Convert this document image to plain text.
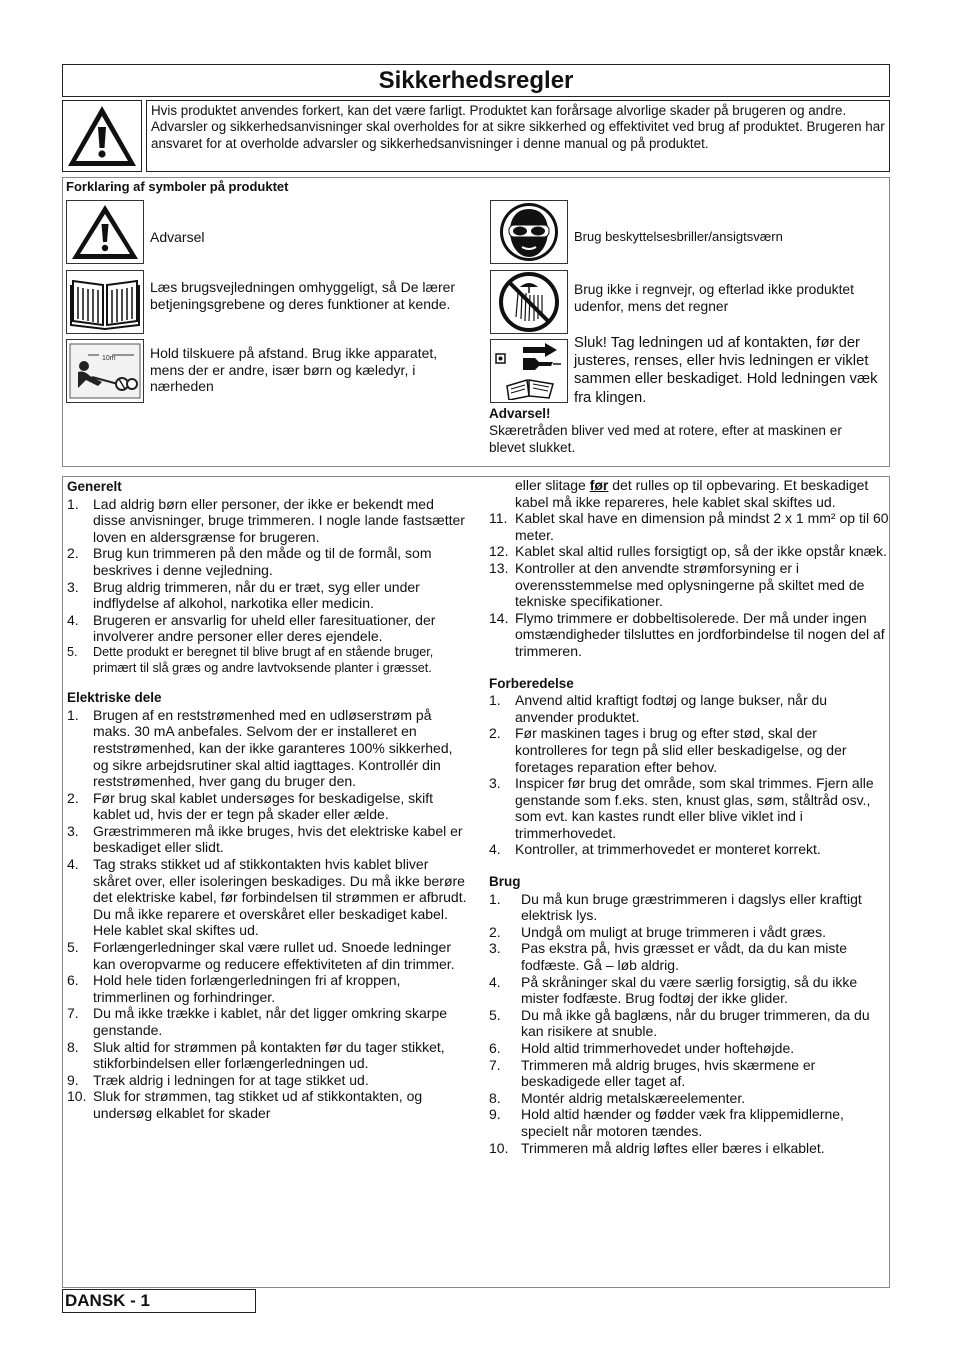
Sikkerhedsregler
Hvis produktet anvendes forkert, kan det være farligt. Produktet kan forårsage alvorlige skader på brugeren og andre. Advarsler og sikkerhedsanvisninger skal overholdes for at sikre sikkerhed og effektivitet ved brug af produktet. Brugeren har ansvaret for at overholde advarsler og sikkerhedsanvisninger i denne manual og på produktet.
Forklaring af symboler på produktet
Advarsel
Læs brugsvejledningen omhyggeligt, så De lærer betjeningsgrebene og deres funktioner at kende.
10m Hold tilskuere på afstand. Brug ikke apparatet, mens der er andre, især børn og kæledyr, i nærheden
Brug beskyttelsesbriller/ansigtsværn
Brug ikke i regnvejr, og efterlad ikke produktet udenfor, mens det regner
Sluk! Tag ledningen ud af kontakten, før der justeres, renses, eller hvis ledningen er viklet sammen eller beskadiget. Hold ledningen væk fra klingen.
Advarsel!
Skæretråden bliver ved med at rotere, efter at maskinen er blevet slukket.
Generelt
1.	Lad aldrig børn eller personer, der ikke er bekendt med disse anvisninger, bruge trimmeren. I nogle lande fastsætter loven en aldersgrænse for brugeren.
2.	Brug kun trimmeren på den måde og til de formål, som beskrives i denne vejledning.
3.	Brug aldrig trimmeren, når du er træt, syg eller under indflydelse af alkohol, narkotika eller medicin.
4.	Brugeren er ansvarlig for uheld eller faresituationer, der involverer andre personer eller deres ejendele.
5.	Dette produkt er beregnet til blive brugt af en stående bruger, primært til slå græs og andre lavtvoksende planter i græsset.
Elektriske dele
1.	Brugen af en reststrømenhed med en udløserstrøm på maks. 30 mA anbefales. Selvom der er installeret en reststrømenhed, kan der ikke garanteres 100% sikkerhed, og sikre arbejdsrutiner skal altid iagttages. Kontrollér din reststrømenhed, hver gang du bruger den.
2.	Før brug skal kablet undersøges for beskadigelse, skift kablet ud, hvis der er tegn på skader eller ælde.
3.	Græstrimmeren må ikke bruges, hvis det elektriske kabel er beskadiget eller slidt.
4.	Tag straks stikket ud af stikkontakten hvis kablet bliver skåret over, eller isoleringen beskadiges. Du må ikke berøre det elektriske kabel, før forbindelsen til strømmen er afbrudt. Du må ikke reparere et overskåret eller beskadiget kabel. Hele kablet skal skiftes ud.
5.	Forlængerledninger skal være rullet ud. Snoede ledninger kan overopvarme og reducere effektiviteten af din trimmer.
6.	Hold hele tiden forlængerledningen fri af kroppen, trimmerlinen og forhindringer.
7.	Du må ikke trække i kablet, når det ligger omkring skarpe genstande.
8.	Sluk altid for strømmen på kontakten før du tager stikket, stikforbindelsen eller forlængerledningen ud.
9.	Træk aldrig i ledningen for at tage stikket ud.
10. Sluk for strømmen, tag stikket ud af stikkontakten, og undersøg elkablet for skader
eller slitage før det rulles op til opbevaring. Et beskadiget kabel må ikke repareres, hele kablet skal skiftes ud.
11. Kablet skal have en dimension på mindst 2 x 1 mm² op til 60 meter.
12. Kablet skal altid rulles forsigtigt op, så der ikke opstår knæk.
13. Kontroller at den anvendte strømforsyning er i overensstemmelse med oplysningerne på skiltet med de tekniske specifikationer.
14. Flymo trimmere er dobbeltisolerede. Der må under ingen omstændigheder tilsluttes en jordforbindelse til nogen del af trimmeren.
Forberedelse
1.	Anvend altid kraftigt fodtøj og lange bukser, når du anvender produktet.
2.	Før maskinen tages i brug og efter stød, skal der kontrolleres for tegn på slid eller beskadigelse, og der foretages reparation efter behov.
3.	Inspicer før brug det område, som skal trimmes. Fjern alle genstande som f.eks. sten, knust glas, søm, ståltråd osv., som evt. kan kastes rundt eller blive viklet ind i trimmerhovedet.
4.	Kontroller, at trimmerhovedet er monteret korrekt.
Brug
1.	Du må kun bruge græstrimmeren i dagslys eller kraftigt elektrisk lys.
2.	Undgå om muligt at bruge trimmeren i vådt græs.
3.	Pas ekstra på, hvis græsset er vådt, da du kan miste fodfæste. Gå – løb aldrig.
4.	På skråninger skal du være særlig forsigtig, så du ikke mister fodfæste. Brug fodtøj der ikke glider.
5.	Du må ikke gå baglæns, når du bruger trimmeren, da du kan risikere at snuble.
6.	Hold altid trimmerhovedet under hoftehøjde.
7.	Trimmeren må aldrig bruges, hvis skærmene er beskadigede eller taget af.
8.	Montér aldrig metalskæreelementer.
9.	Hold altid hænder og fødder væk fra klippemidlerne, specielt når motoren tændes.
10. Trimmeren må aldrig løftes eller bæres i elkablet.
DANSK - 1
